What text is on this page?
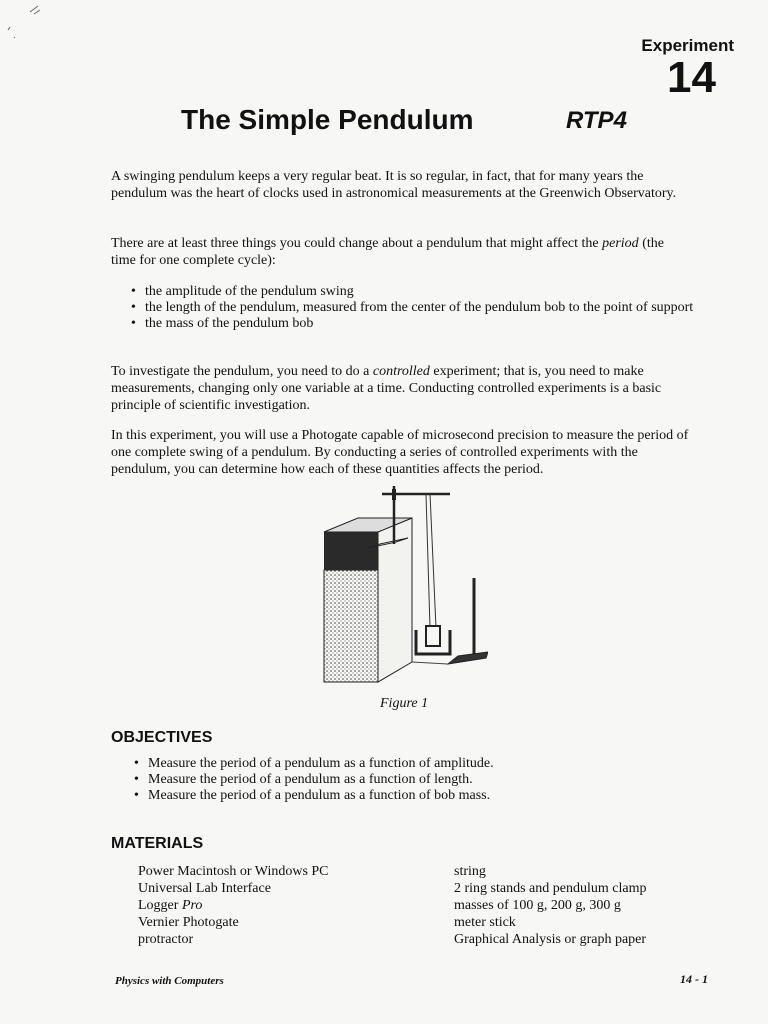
Experiment
14
The Simple Pendulum	RTP4

A swinging pendulum keeps a very regular beat. It is so regular, in fact, that for many years the pendulum was the heart of clocks used in astronomical measurements at the Greenwich Observatory.

There are at least three things you could change about a pendulum that might affect the period (the time for one complete cycle):

• the amplitude of the pendulum swing
• the length of the pendulum, measured from the center of the pendulum bob to the point of support
• the mass of the pendulum bob

To investigate the pendulum, you need to do a controlled experiment; that is, you need to make measurements, changing only one variable at a time. Conducting controlled experiments is a basic principle of scientific investigation.

In this experiment, you will use a Photogate capable of microsecond precision to measure the period of one complete swing of a pendulum. By conducting a series of controlled experiments with the pendulum, you can determine how each of these quantities affects the period.

Figure 1
OBJECTIVES
• Measure the period of a pendulum as a function of amplitude.
• Measure the period of a pendulum as a function of length.
• Measure the period of a pendulum as a function of bob mass.
MATERIALS
Power Macintosh or Windows PC
Universal Lab Interface
Logger Pro
Vernier Photogate
protractor
string
2 ring stands and pendulum clamp
masses of 100 g, 200 g, 300 g
meter stick
Graphical Analysis or graph paper
Physics with Computers	14 - 1
